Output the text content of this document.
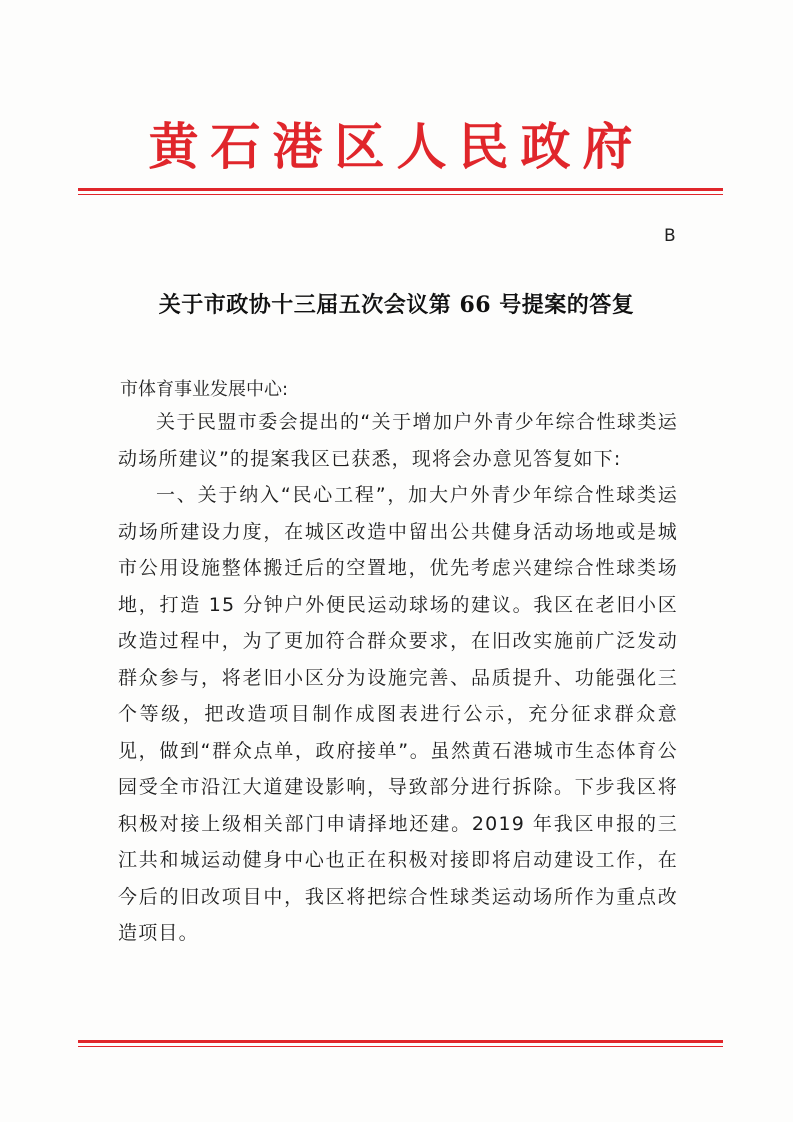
黄石港区人民政府
B
关于市政协十三届五次会议第 66 号提案的答复
市体育事业发展中心:

关于民盟市委会提出的“关于增加户外青少年综合性球类运动场所建议”的提案我区已获悉，现将会办意见答复如下:

一、关于纳入“民心工程”，加大户外青少年综合性球类运动场所建设力度，在城区改造中留出公共健身活动场地或是城市公用设施整体搬迁后的空置地，优先考虑兴建综合性球类场地，打造 15 分钟户外便民运动球场的建议。我区在老旧小区改造过程中，为了更加符合群众要求，在旧改实施前广泛发动群众参与，将老旧小区分为设施完善、品质提升、功能强化三个等级，把改造项目制作成图表进行公示，充分征求群众意见，做到“群众点单，政府接单”。虽然黄石港城市生态体育公园受全市沿江大道建设影响，导致部分进行拆除。下步我区将积极对接上级相关部门申请择地还建。2019 年我区申报的三江共和城运动健身中心也正在积极对接即将启动建设工作，在今后的旧改项目中，我区将把综合性球类运动场所作为重点改造项目。
